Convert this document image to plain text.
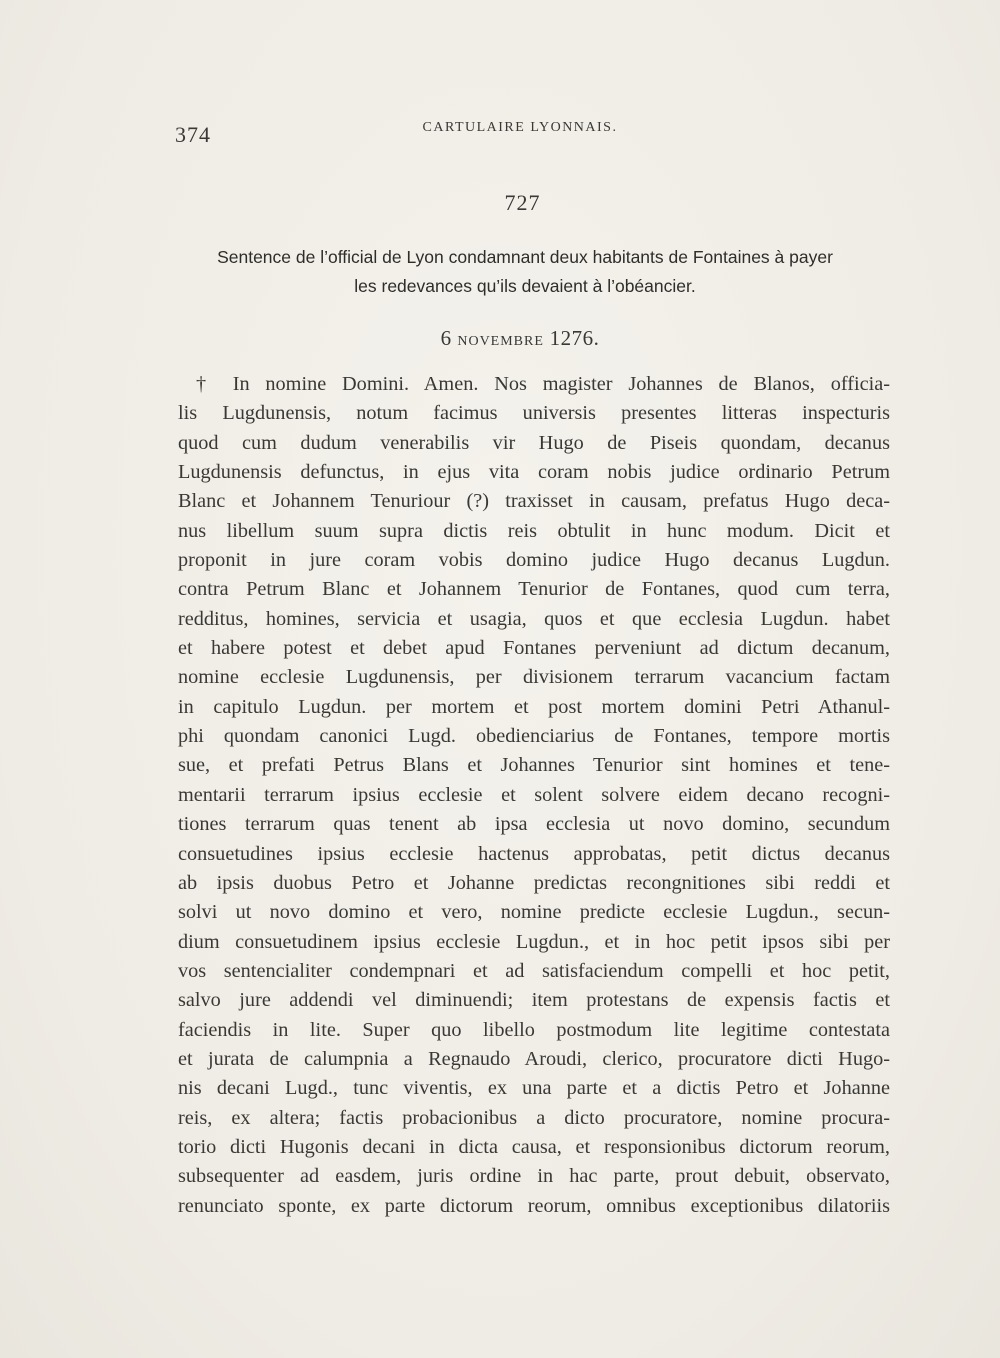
374	CARTULAIRE LYONNAIS.
727
Sentence de l’official de Lyon condamnant deux habitants de Fontaines à payer
les redevances qu’ils devaient à l’obéancier.
6 NOVEMBRE 1276.
† In nomine Domini. Amen. Nos magister Johannes de Blanos, officia-
lis Lugdunensis, notum facimus universis presentes litteras inspecturis
quod cum dudum venerabilis vir Hugo de Piseis quondam, decanus
Lugdunensis defunctus, in ejus vita coram nobis judice ordinario Petrum
Blanc et Johannem Tenuriour (?) traxisset in causam, prefatus Hugo deca-
nus libellum suum supra dictis reis obtulit in hunc modum. Dicit et
proponit in jure coram vobis domino judice Hugo decanus Lugdun.
contra Petrum Blanc et Johannem Tenurior de Fontanes, quod cum terra,
redditus, homines, servicia et usagia, quos et que ecclesia Lugdun. habet
et habere potest et debet apud Fontanes perveniunt ad dictum decanum,
nomine ecclesie Lugdunensis, per divisionem terrarum vacancium factam
in capitulo Lugdun. per mortem et post mortem domini Petri Athanul-
phi quondam canonici Lugd. obedienciarius de Fontanes, tempore mortis
sue, et prefati Petrus Blans et Johannes Tenurior sint homines et tene-
mentarii terrarum ipsius ecclesie et solent solvere eidem decano recogni-
tiones terrarum quas tenent ab ipsa ecclesia ut novo domino, secundum
consuetudines ipsius ecclesie hactenus approbatas, petit dictus decanus
ab ipsis duobus Petro et Johanne predictas recongnitiones sibi reddi et
solvi ut novo domino et vero, nomine predicte ecclesie Lugdun., secun-
dium consuetudinem ipsius ecclesie Lugdun., et in hoc petit ipsos sibi per
vos sentencialiter condempnari et ad satisfaciendum compelli et hoc petit,
salvo jure addendi vel diminuendi; item protestans de expensis factis et
faciendis in lite. Super quo libello postmodum lite legitime contestata
et jurata de calumpnia a Regnaudo Aroudi, clerico, procuratore dicti Hugo-
nis decani Lugd., tunc viventis, ex una parte et a dictis Petro et Johanne
reis, ex altera; factis probacionibus a dicto procuratore, nomine procura-
torio dicti Hugonis decani in dicta causa, et responsionibus dictorum reorum,
subsequenter ad easdem, juris ordine in hac parte, prout debuit, observato,
renunciato sponte, ex parte dictorum reorum, omnibus exceptionibus dilatoriis
